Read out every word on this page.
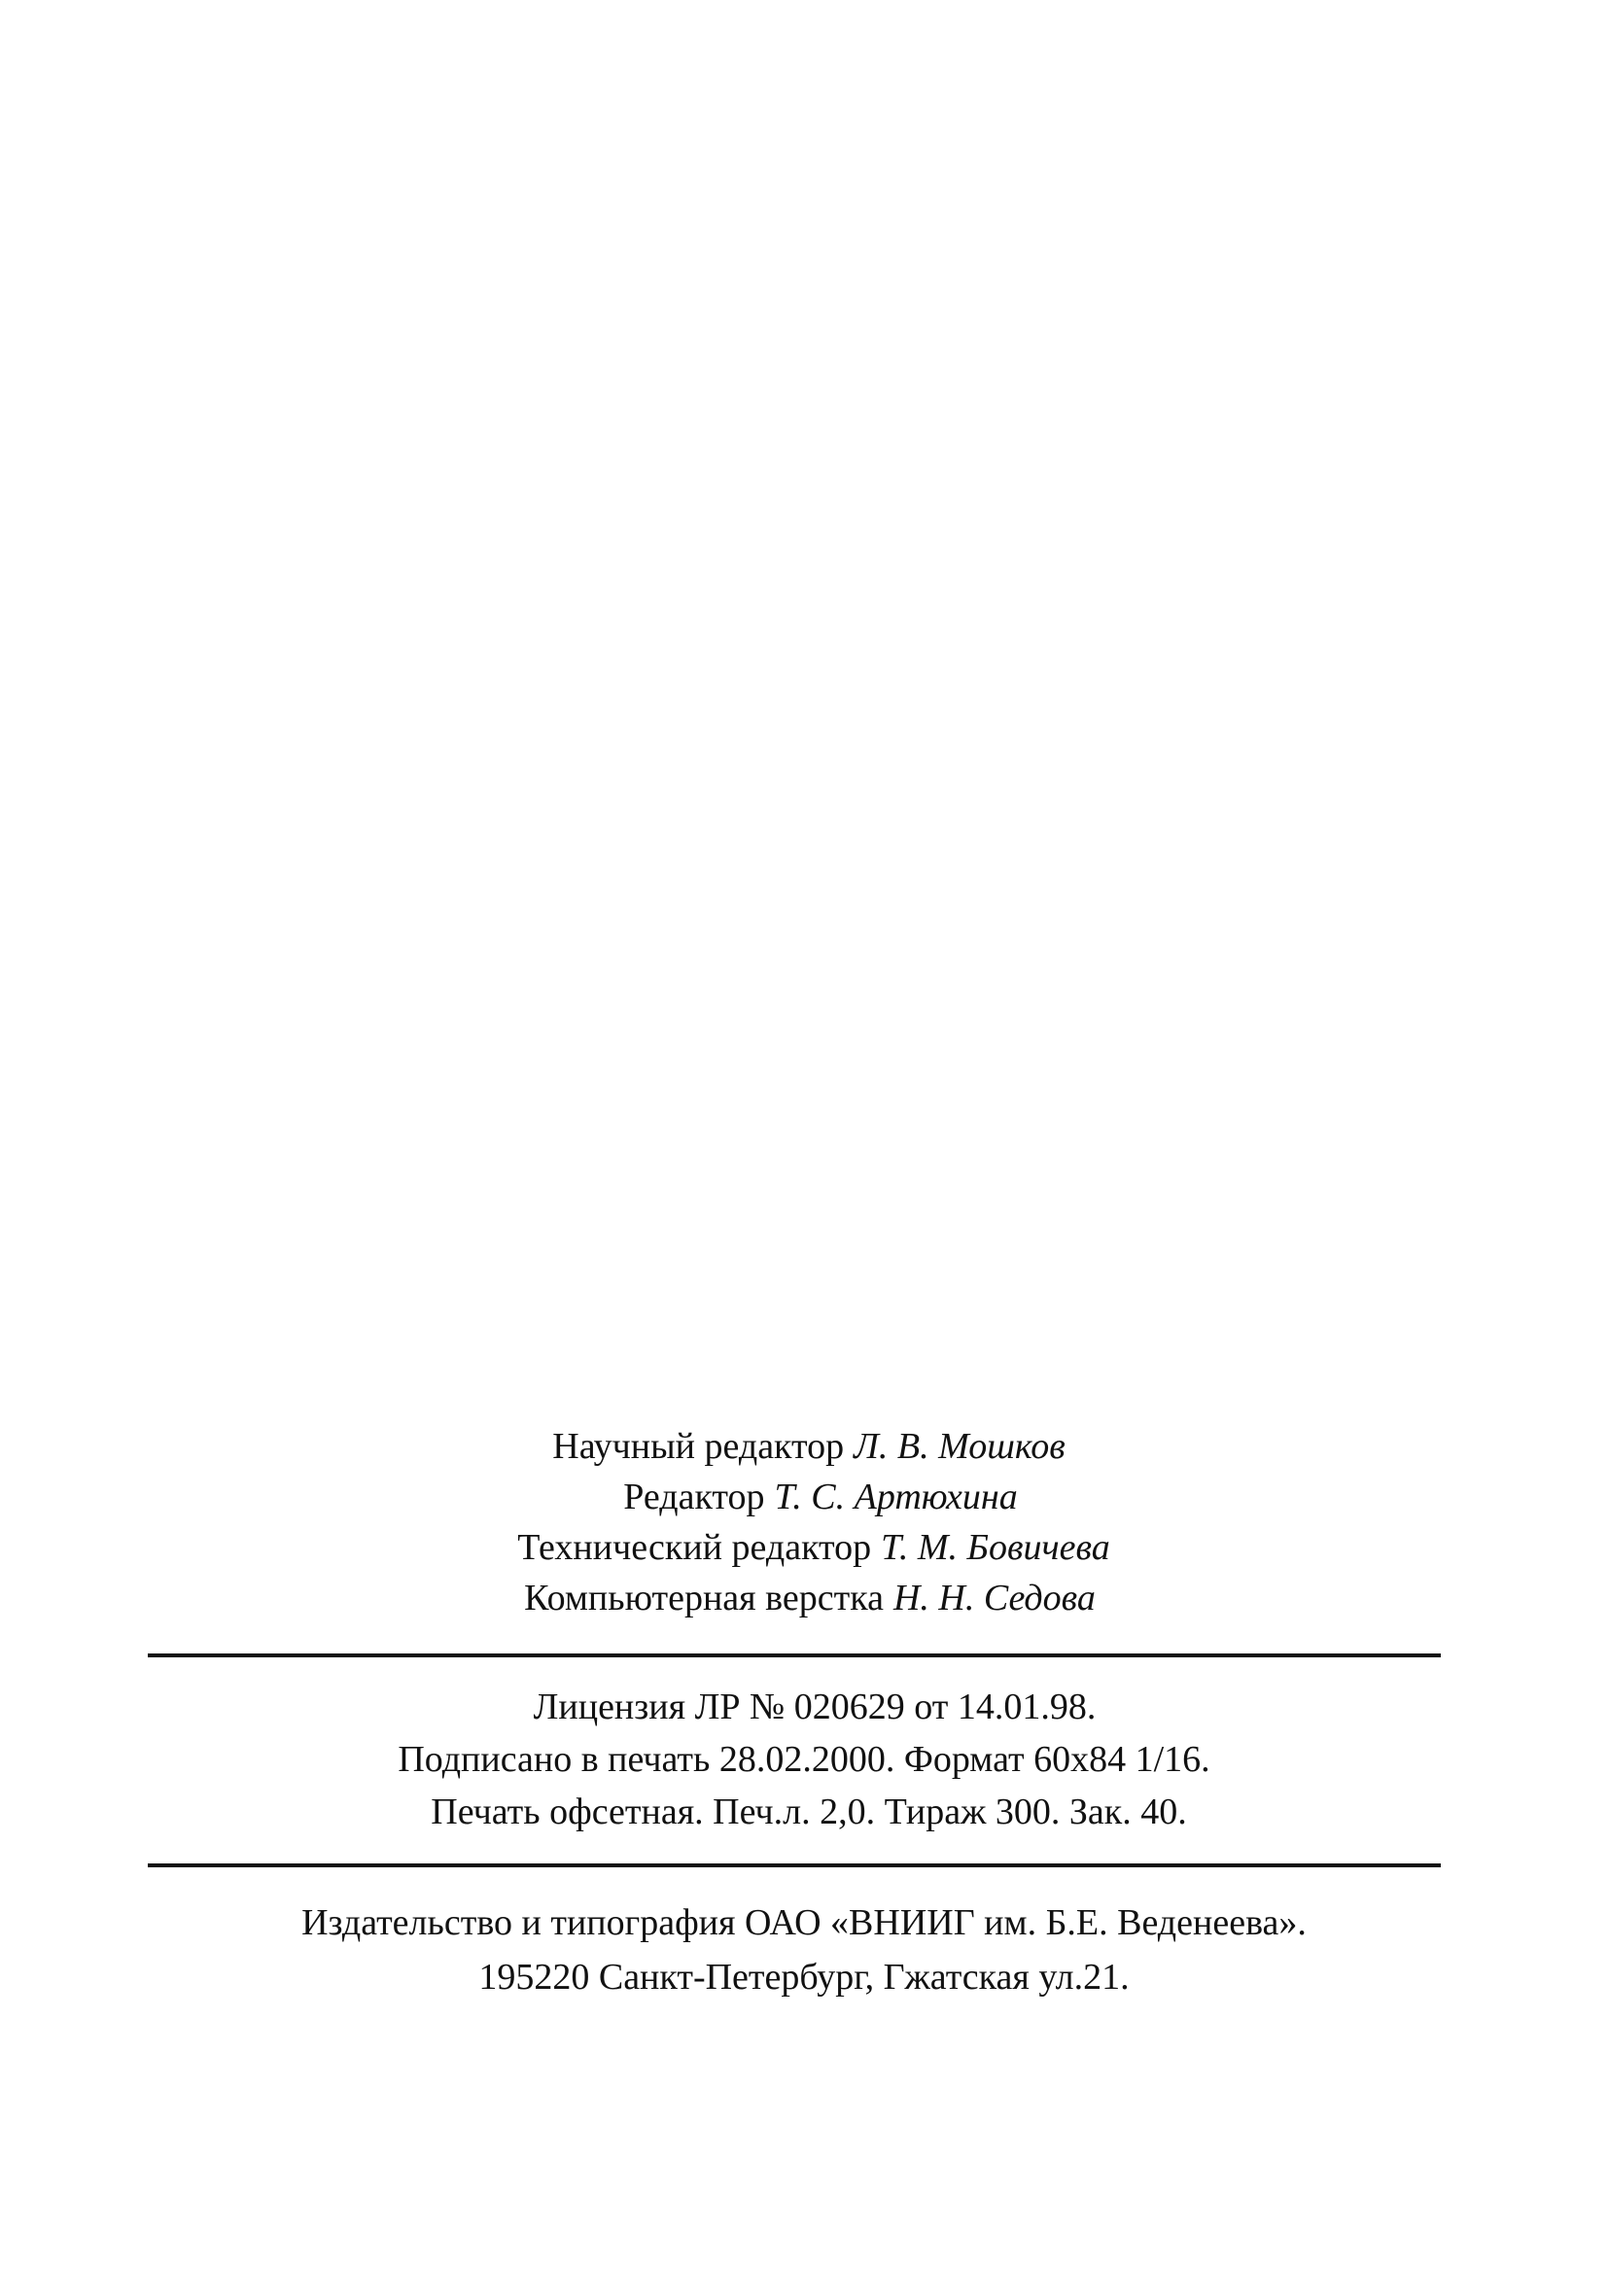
Научный редактор Л. В. Мошков
Редактор Т. С. Артюхина
Технический редактор Т. М. Бовичева
Компьютерная верстка Н. Н. Седова
Лицензия ЛР № 020629 от 14.01.98.
Подписано в печать 28.02.2000. Формат 60x84 1/16.
Печать офсетная. Печ.л. 2,0. Тираж 300. Зак. 40.
Издательство и типография ОАО «ВНИИГ им. Б.Е. Веденеева».
195220 Санкт-Петербург, Гжатская ул.21.
